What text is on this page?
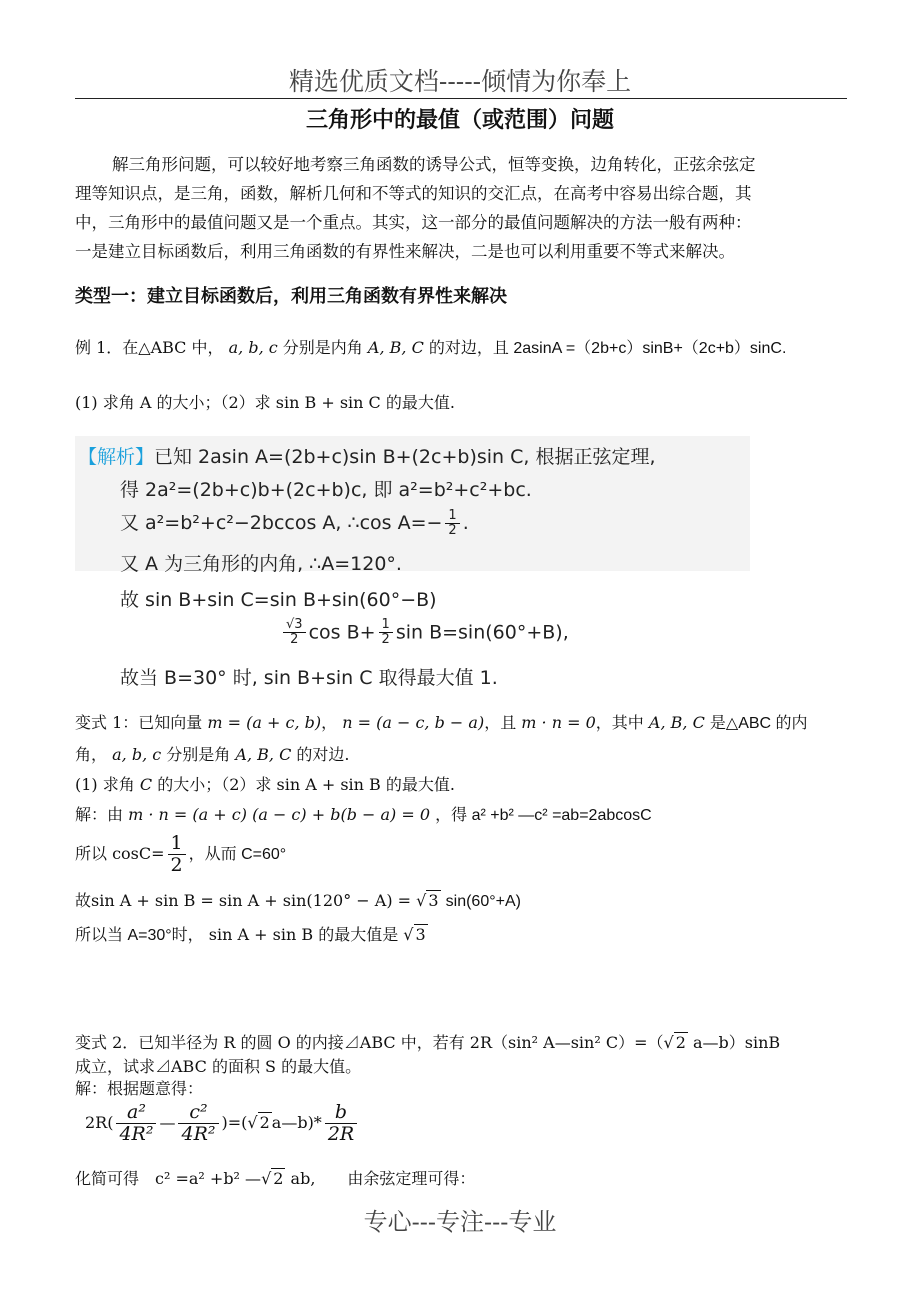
精选优质文档-----倾情为你奉上
三角形中的最值（或范围）问题

解三角形问题，可以较好地考察三角函数的诱导公式，恒等变换，边角转化，正弦余弦定

理等知识点，是三角，函数，解析几何和不等式的知识的交汇点，在高考中容易出综合题，其

中，三角形中的最值问题又是一个重点。其实，这一部分的最值问题解决的方法一般有两种：

一是建立目标函数后，利用三角函数的有界性来解决，二是也可以利用重要不等式来解决。

类型一：建立目标函数后，利用三角函数有界性来解决
例 1．在△ABC 中， a, b, c 分别是内角 A, B, C 的对边，且 2asinA =（2b+c）sinB+（2c+b）sinC.
(1) 求角 A 的大小；（2）求 sin B + sin C 的最大值.
【解析】已知 2asin A=(2b+c)sin B+(2c+b)sin C, 根据正弦定理,
得 2a²=(2b+c)b+(2c+b)c, 即 a²=b²+c²+bc.
又 a²=b²+c²−2bccos A, ∴cos $A=- \frac{1}{2}$ .
又 A 为三角形的内角, ∴A=120°.
故 sin B+sin C=sin B+sin(60°−B)
$\frac{√3}{2}$ $\cos B+ \frac{1}{2}$ sin B=sin(60°+B),
故当 B=30° 时, sin B+sin C 取得最大值 1.
变式 1：已知向量 m = (a + c, b)， n = (a − c, b − a)，且 m · n = 0，其中 A, B, C 是△ABC 的内
角， a, b, c 分别是角 A, B, C 的对边.
(1) 求角 C 的大小；（2）求 sin A + sin B 的最大值.
解：由 m · n = (a + c) (a − c) + b(b − a) = 0 ，得 a² +b² —c² =ab=2abcosC
所以 $\cos C= \frac{1}{2}$ ，从而 C=60°
故sin A + sin B = sin A + sin(120° − A) = √ 3 sin(60°+A)
所以当 A=30°时， sin A + sin B 的最大值是 √ 3
变式 2．已知半径为 R 的圆 O 的内接⊿ABC 中，若有 2R（sin² A—sin² C）=（√ 2 a—b）sinB
成立，试求⊿ABC 的面积 S 的最大值。
解：根据题意得：
$2R( \frac{\text{a²}}{\text{4R²}}$ — $\frac{\text{c²}}{\text{4R²}}$ )=(√ 2 a—b)* $\frac{b}{2R}$
化简可得　c² =a² +b² —√ 2 ab,　　由余弦定理可得：
专心---专注---专业
